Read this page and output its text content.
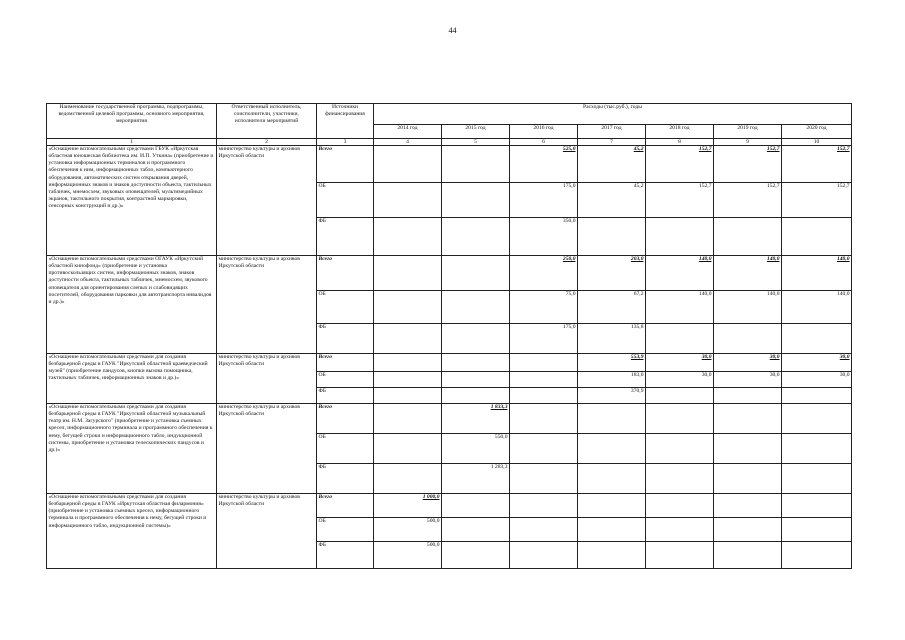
44
Наименование государственной программы, подпрограммы, ведомственной целевой программы, основного мероприятия, мероприятия	Ответственный исполнитель, соисполнители, участники, исполнители мероприятий	Источники финансирования	Расходы (тыс.руб.), годы						
			2014 год	2015 год	2016 год	2017 год	2018 год	2019 год	2020 год
1	2	3	4	5	6	7	8	9	10
«Оснащение вспомогательными средствами ГБУК «Иркутская областная юношеская библиотека им. И.П. Уткина» (приобретение и установка информационных терминалов и программного обеспечения к ним, информационных табло, компьютерного оборудования, автоматических систем открывания дверей, информационных знаков и знаков доступности объекта, тактильных табличек, мнемосхем, звуковых оповещателей, мультимедийных экранов, тактильного покрытия, контрастной маркировки, сенсорных конструкций и др.)»	министерство культуры и архивов Иркутской области	Всего			525,0	45,2	152,7	152,7	152,7
		ОБ			175,0	45,2	152,7	152,7	152,7
		ФБ			350,0				
«Оснащение вспомогательными средствами ОГАУК «Иркутский областной кинофонд» (приобретение и установка противоскользящих систем, информационных знаков, знаков доступности объекта, тактильных табличек, мнемосхем, звукового оповещателя для ориентирования слепых и слабовидящих посетителей, оборудования парковки для автотранспорта инвалидов и др.)»	министерство культуры и архивов Иркутской области	Всего			250,0	203,0	140,0	140,0	140,0
		ОБ			75,0	67,2	140,0	140,0	140,0
		ФБ			175,0	135,8			
«Оснащение вспомогательными средствами для создания безбарьерной среды в ГАУК "Иркутский областной краеведческий музей" (приобретение пандусов, кнопки вызова помощника, тактильных табличек, информационных знаков и др.)»	министерство культуры и архивов Иркутской области	Всего				553,9	30,0	30,0	30,0
		ОБ				183,0	30,0	30,0	30,0
		ФБ				370,9			
«Оснащение вспомогательными средствами для создания безбарьерной среды в ГАУК "Иркутский областной музыкальный театр им. Н.М. Загурского" (приобретение и установка съемных кресел, информационного терминала и программного обеспечения к нему, бегущей строки и информационного табло, индукционной системы, приобретение и установка телескопических пандусов и др.)»	министерство культуры и архивов Иркутской области	Всего		1 833,3					
		ОБ		550,0					
		ФБ		1 283,3					
«Оснащение вспомогательными средствами для создания безбарьерной среды в ГАУК «Иркутская областная филармония» (приобретение и установка съемных кресел, информационного терминала и программного обеспечения к нему, бегущей строки и информационного табло, индукционной системы)»	министерство культуры и архивов Иркутской области	Всего	1 000,0						
		ОБ	500,0						
		ФБ	500,0						
